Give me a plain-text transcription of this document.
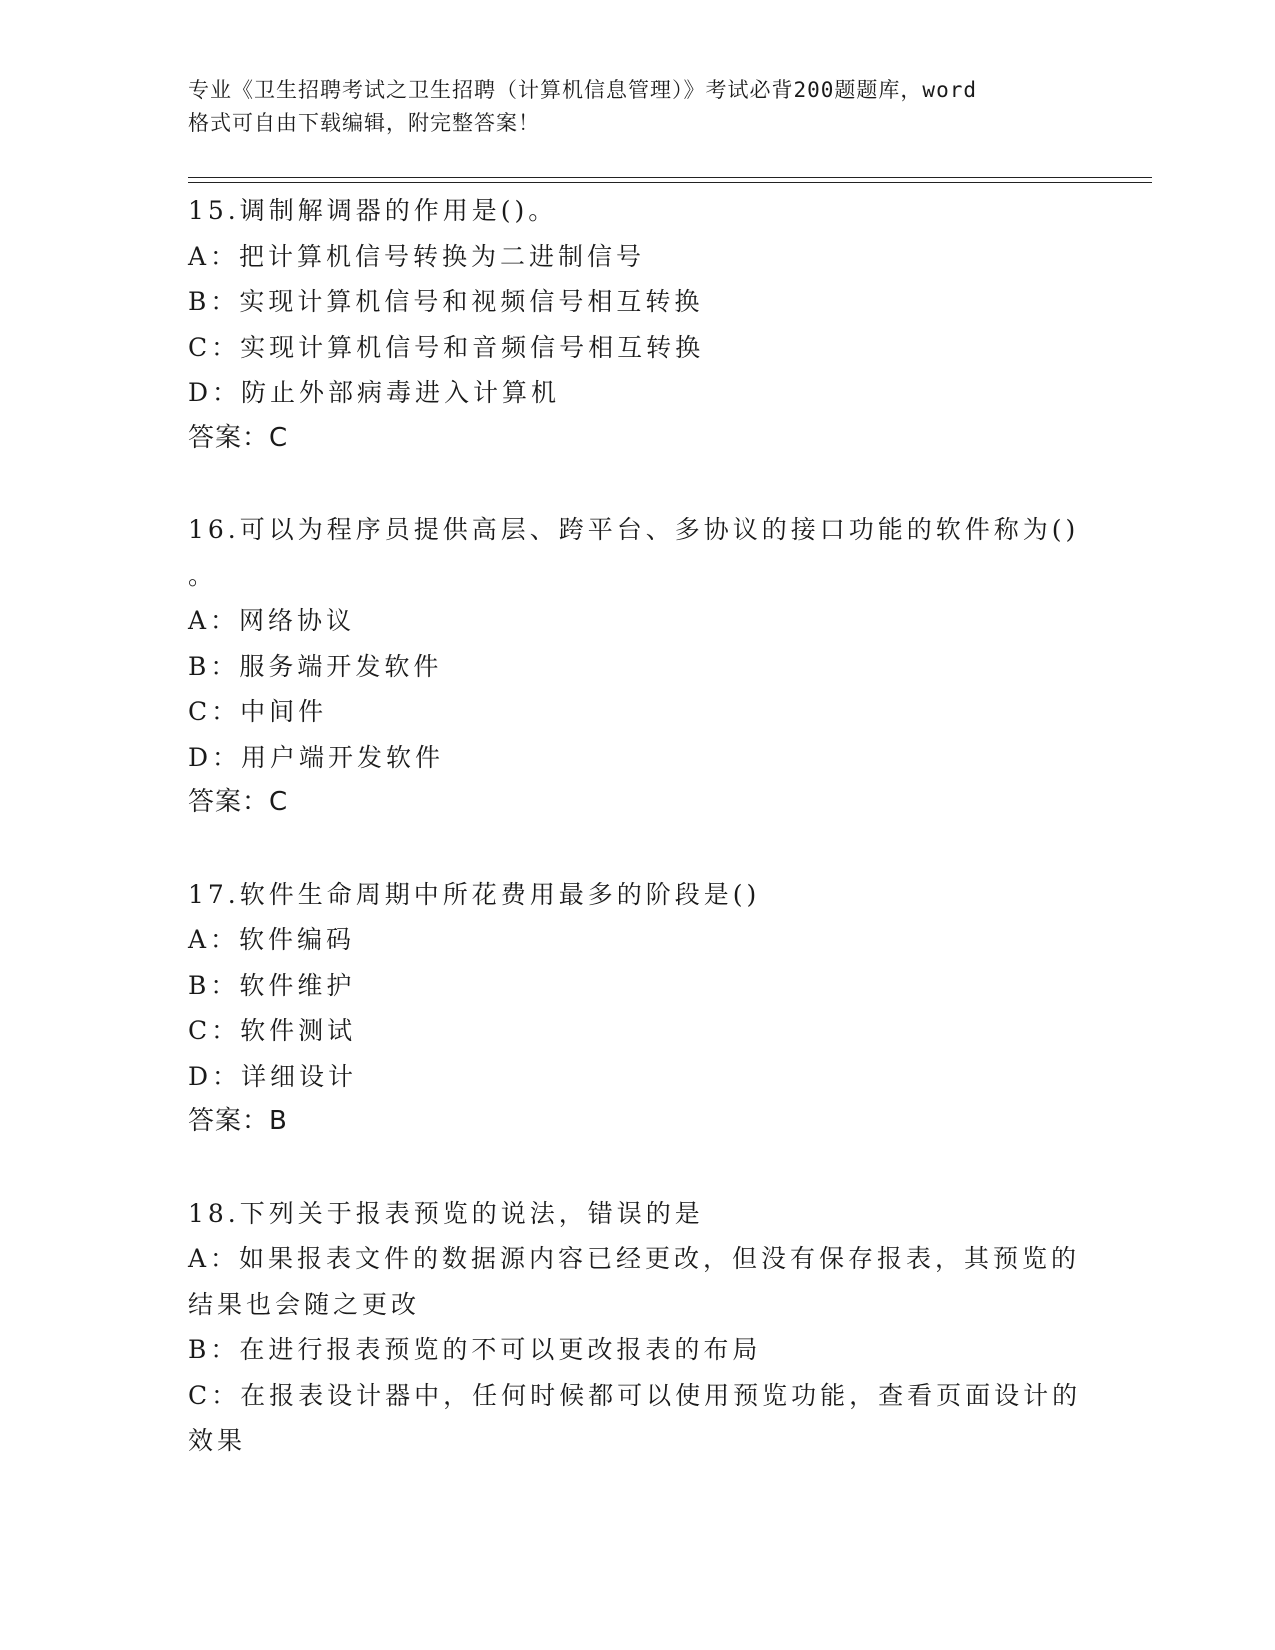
专业《卫生招聘考试之卫生招聘（计算机信息管理）》考试必背200题题库，word
格式可自由下载编辑，附完整答案！
15.调制解调器的作用是()。
A：把计算机信号转换为二进制信号
B：实现计算机信号和视频信号相互转换
C：实现计算机信号和音频信号相互转换
D：防止外部病毒进入计算机
答案：C
16.可以为程序员提供高层、跨平台、多协议的接口功能的软件称为()
。
A：网络协议
B：服务端开发软件
C：中间件
D：用户端开发软件
答案：C
17.软件生命周期中所花费用最多的阶段是()
A：软件编码
B：软件维护
C：软件测试
D：详细设计
答案：B
18.下列关于报表预览的说法，错误的是
A：如果报表文件的数据源内容已经更改，但没有保存报表，其预览的
结果也会随之更改
B：在进行报表预览的不可以更改报表的布局
C：在报表设计器中，任何时候都可以使用预览功能，查看页面设计的
效果
